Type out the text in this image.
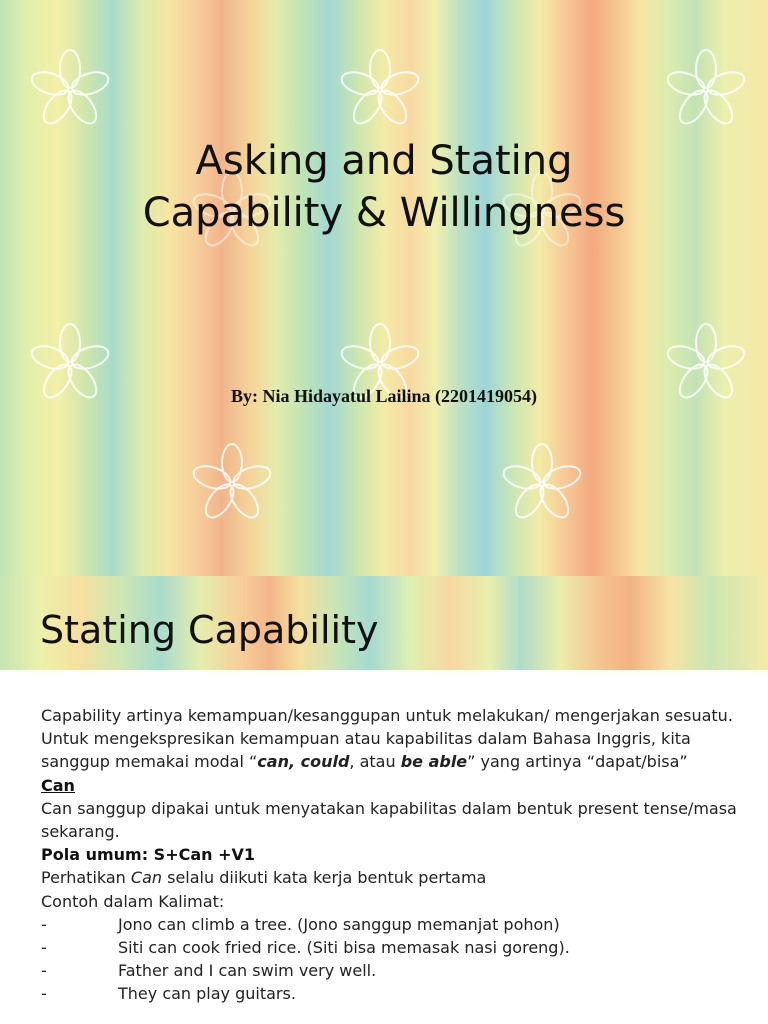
Asking and Stating
Capability & Willingness
By: Nia Hidayatul Lailina (2201419054)
Stating Capability

Capability artinya kemampuan/kesanggupan untuk melakukan/ mengerjakan sesuatu. Untuk mengekspresikan kemampuan atau kapabilitas dalam Bahasa Inggris, kita sanggup memakai modal “can, could, atau be able” yang artinya “dapat/bisa”

Can

Can sanggup dipakai untuk menyatakan kapabilitas dalam bentuk present tense/masa sekarang.

Pola umum: S+Can +V1

Perhatikan Can selalu diikuti kata kerja bentuk pertama

Contoh dalam Kalimat:

-	Jono can climb a tree. (Jono sanggup memanjat pohon)
-	Siti can cook fried rice. (Siti bisa memasak nasi goreng).
-	Father and I can swim very well.
-	They can play guitars.
